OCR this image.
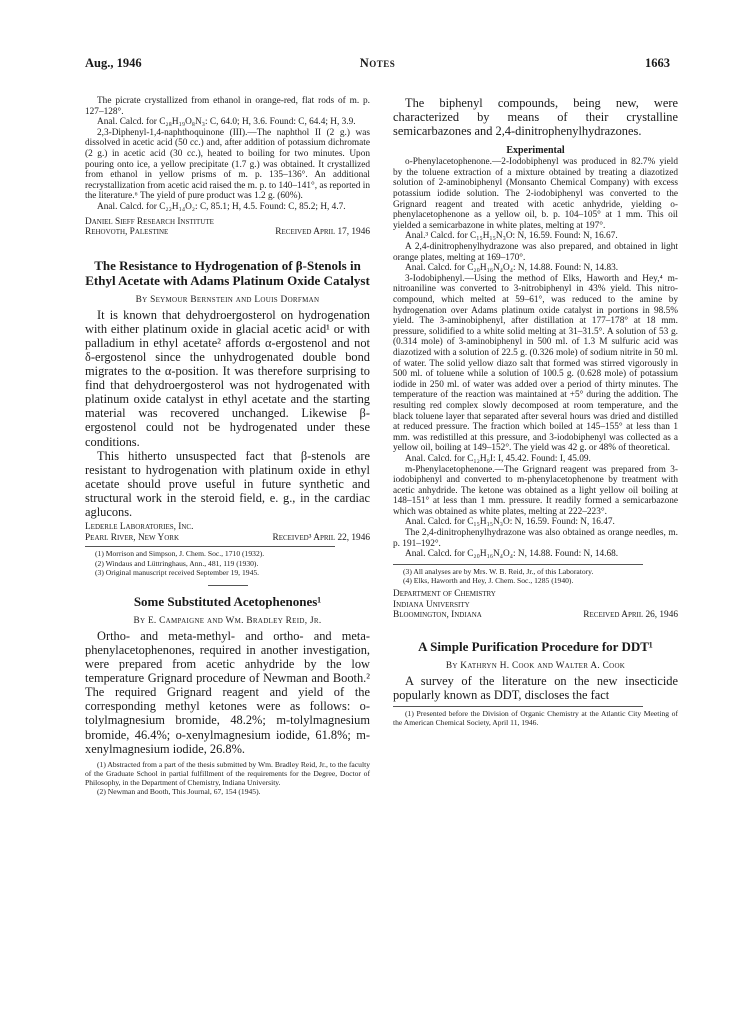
Aug., 1946	Notes	1663

The picrate crystallized from ethanol in orange-red, flat rods of m. p. 127–128°.

Anal. Calcd. for C₂₈H₁₉O₈N₃: C, 64.0; H, 3.6. Found: C, 64.4; H, 3.9.

2,3-Diphenyl-1,4-naphthoquinone (III).—The naphthol II (2 g.) was dissolved in acetic acid (50 cc.) and, after addition of potassium dichromate (2 g.) in acetic acid (30 cc.), heated to boiling for two minutes. Upon pouring onto ice, a yellow precipitate (1.7 g.) was obtained. It crystallized from ethanol in yellow prisms of m. p. 135–136°. An additional recrystallization from acetic acid raised the m. p. to 140–141°, as reported in the literature.⁶ The yield of pure product was 1.2 g. (60%).

Anal. Calcd. for C₂₂H₁₄O₂: C, 85.1; H, 4.5. Found: C, 85.2; H, 4.7.

Daniel Sieff Research Institute
Rehovoth, Palestine	Received April 17, 1946

The Resistance to Hydrogenation of β-Stenols in Ethyl Acetate with Adams Platinum Oxide Catalyst

By Seymour Bernstein and Louis Dorfman

It is known that dehydroergosterol on hydrogenation with either platinum oxide in glacial acetic acid¹ or with palladium in ethyl acetate² affords α-ergostenol and not δ-ergostenol since the unhydrogenated double bond migrates to the α-position. It was therefore surprising to find that dehydroergosterol was not hydrogenated with platinum oxide catalyst in ethyl acetate and the starting material was recovered unchanged. Likewise β-ergostenol could not be hydrogenated under these conditions.

This hitherto unsuspected fact that β-stenols are resistant to hydrogenation with platinum oxide in ethyl acetate should prove useful in future synthetic and structural work in the steroid field, e. g., in the cardiac aglucons.

Lederle Laboratories, Inc.
Pearl River, New York	Received³ April 22, 1946

(1) Morrison and Simpson, J. Chem. Soc., 1710 (1932).

(2) Windaus and Lüttringhaus, Ann., 481, 119 (1930).

(3) Original manuscript received September 19, 1945.

Some Substituted Acetophenones¹

By E. Campaigne and Wm. Bradley Reid, Jr.

Ortho- and meta-methyl- and ortho- and meta-phenylacetophenones, required in another investigation, were prepared from acetic anhydride by the low temperature Grignard procedure of Newman and Booth.² The required Grignard reagent and yield of the corresponding methyl ketones were as follows: o-tolylmagnesium bromide, 48.2%; m-tolylmagnesium bromide, 46.4%; o-xenylmagnesium iodide, 61.8%; m-xenylmagnesium iodide, 26.8%.

(1) Abstracted from a part of the thesis submitted by Wm. Bradley Reid, Jr., to the faculty of the Graduate School in partial fulfillment of the requirements for the Degree, Doctor of Philosophy, in the Department of Chemistry, Indiana University.

(2) Newman and Booth, This Journal, 67, 154 (1945).

The biphenyl compounds, being new, were characterized by means of their crystalline semicarbazones and 2,4-dinitrophenylhydrazones.

Experimental

o-Phenylacetophenone.—2-Iodobiphenyl was produced in 82.7% yield by the toluene extraction of a mixture obtained by treating a diazotized solution of 2-aminobiphenyl (Monsanto Chemical Company) with excess potassium iodide solution. The 2-iodobiphenyl was converted to the Grignard reagent and treated with acetic anhydride, yielding o-phenylacetophenone as a yellow oil, b. p. 104–105° at 1 mm. This oil yielded a semicarbazone in white plates, melting at 197°.

Anal.³ Calcd. for C₁₅H₁₅N₃O: N, 16.59. Found: N, 16.67.

A 2,4-dinitrophenylhydrazone was also prepared, and obtained in light orange plates, melting at 169–170°.

Anal. Calcd. for C₂₀H₁₆N₄O₄: N, 14.88. Found: N, 14.83.

3-Iodobiphenyl.—Using the method of Elks, Haworth and Hey,⁴ m-nitroaniline was converted to 3-nitrobiphenyl in 43% yield. This nitro-compound, which melted at 59–61°, was reduced to the amine by hydrogenation over Adams platinum oxide catalyst in portions in 98.5% yield. The 3-aminobiphenyl, after distillation at 177–178° at 18 mm. pressure, solidified to a white solid melting at 31–31.5°. A solution of 53 g. (0.314 mole) of 3-aminobiphenyl in 500 ml. of 1.3 M sulfuric acid was diazotized with a solution of 22.5 g. (0.326 mole) of sodium nitrite in 50 ml. of water. The solid yellow diazo salt that formed was stirred vigorously in 500 ml. of toluene while a solution of 100.5 g. (0.628 mole) of potassium iodide in 250 ml. of water was added over a period of thirty minutes. The temperature of the reaction was maintained at +5° during the addition. The resulting red complex slowly decomposed at room temperature, and the black toluene layer that separated after several hours was dried and distilled at reduced pressure. The fraction which boiled at 145–155° at less than 1 mm. was redistilled at this pressure, and 3-iodobiphenyl was collected as a yellow oil, boiling at 149–152°. The yield was 42 g. or 48% of theoretical.

Anal. Calcd. for C₁₂H₉I: I, 45.42. Found: I, 45.09.

m-Phenylacetophenone.—The Grignard reagent was prepared from 3-iodobiphenyl and converted to m-phenylacetophenone by treatment with acetic anhydride. The ketone was obtained as a light yellow oil boiling at 148–151° at less than 1 mm. pressure. It readily formed a semicarbazone which was obtained as white plates, melting at 222–223°.

Anal. Calcd. for C₁₅H₁₅N₃O: N, 16.59. Found: N, 16.47.

The 2,4-dinitrophenylhydrazone was also obtained as orange needles, m. p. 191–192°.

Anal. Calcd. for C₂₀H₁₆N₄O₄: N, 14.88. Found: N, 14.68.

(3) All analyses are by Mrs. W. B. Reid, Jr., of this Laboratory.

(4) Elks, Haworth and Hey, J. Chem. Soc., 1285 (1940).

Department of Chemistry
Indiana University
Bloomington, Indiana	Received April 26, 1946

A Simple Purification Procedure for DDT¹

By Kathryn H. Cook and Walter A. Cook

A survey of the literature on the new insecticide popularly known as DDT, discloses the fact

(1) Presented before the Division of Organic Chemistry at the Atlantic City Meeting of the American Chemical Society, April 11, 1946.
